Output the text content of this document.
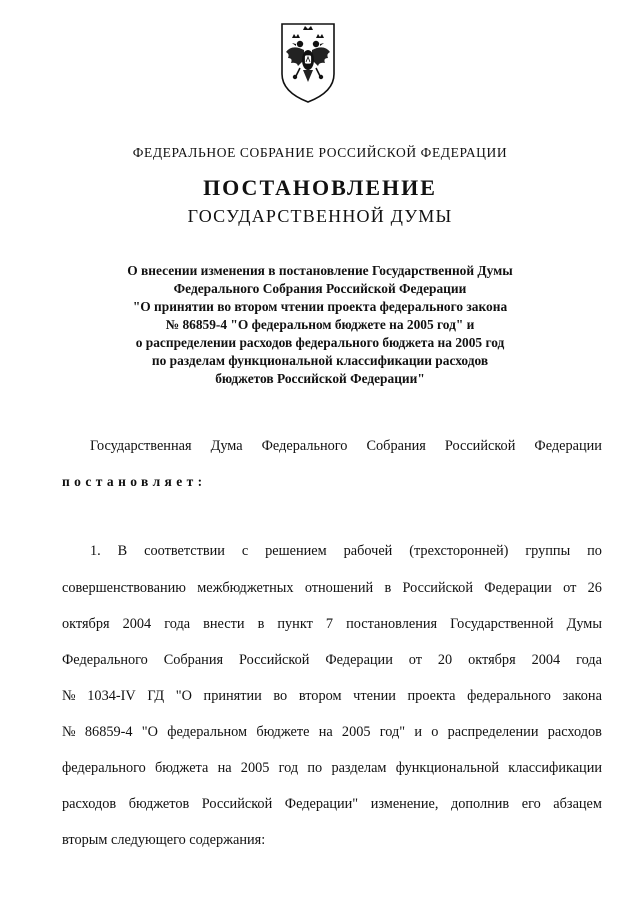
ФЕДЕРАЛЬНОЕ СОБРАНИЕ РОССИЙСКОЙ ФЕДЕРАЦИИ
ПОСТАНОВЛЕНИЕ
ГОСУДАРСТВЕННОЙ ДУМЫ
О внесении изменения в постановление Государственной Думы
Федерального Собрания Российской Федерации
"О принятии во втором чтении проекта федерального закона
№ 86859-4 "О федеральном бюджете на 2005 год" и
о распределении расходов федерального бюджета на 2005 год
по разделам функциональной классификации расходов
бюджетов Российской Федерации"
Государственная Дума Федерального Собрания Российской Федерации
постановляет:
1. В соответствии с решением рабочей (трехсторонней) группы по
совершенствованию межбюджетных отношений в Российской Федерации от 26
октября 2004 года внести в пункт 7 постановления Государственной Думы
Федерального Собрания Российской Федерации от 20 октября 2004 года
№ 1034-IV ГД "О принятии во втором чтении проекта федерального закона
№ 86859-4 "О федеральном бюджете на 2005 год" и о распределении расходов
федерального бюджета на 2005 год по разделам функциональной классификации
расходов бюджетов Российской Федерации" изменение, дополнив его абзацем
вторым следующего содержания:
